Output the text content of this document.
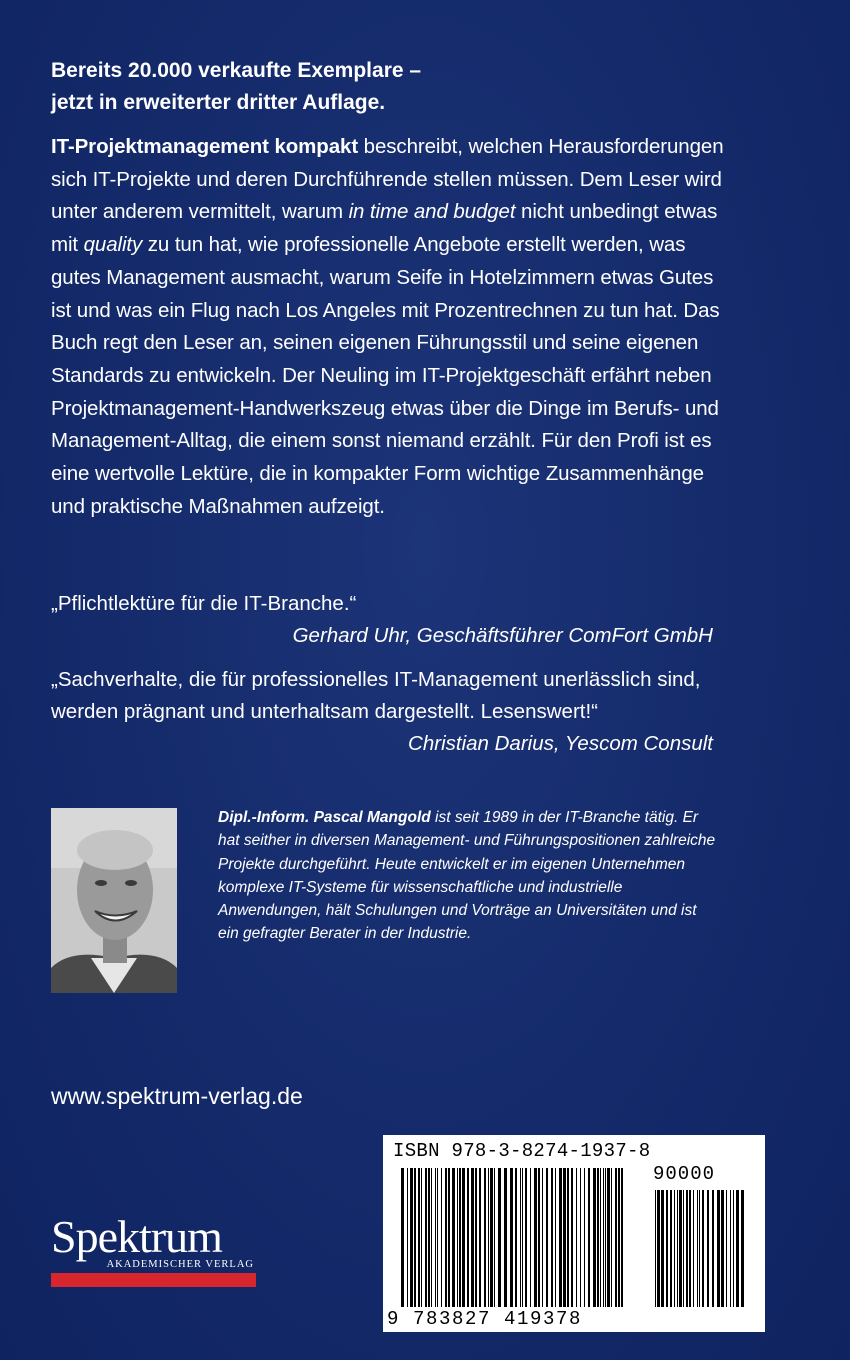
Bereits 20.000 verkaufte Exemplare –
jetzt in erweiterter dritter Auflage.
IT-Projektmanagement kompakt beschreibt, welchen Herausforderungen sich IT-Projekte und deren Durchführende stellen müssen. Dem Leser wird unter anderem vermittelt, warum in time and budget nicht unbedingt etwas mit quality zu tun hat, wie professionelle Angebote erstellt werden, was gutes Management ausmacht, warum Seife in Hotelzimmern etwas Gutes ist und was ein Flug nach Los Angeles mit Prozentrechnen zu tun hat. Das Buch regt den Leser an, seinen eigenen Führungsstil und seine eigenen Standards zu entwickeln. Der Neuling im IT-Projektgeschäft erfährt neben Projektmanagement-Handwerkszeug etwas über die Dinge im Berufs- und Management-Alltag, die einem sonst niemand erzählt. Für den Profi ist es eine wertvolle Lektüre, die in kompakter Form wichtige Zusammenhänge und praktische Maßnahmen aufzeigt.
„Pflichtlektüre für die IT-Branche.“
Gerhard Uhr, Geschäftsführer ComFort GmbH
„Sachverhalte, die für professionelles IT-Management unerlässlich sind, werden prägnant und unterhaltsam dargestellt. Lesenswert!“
Christian Darius, Yescom Consult
Dipl.-Inform. Pascal Mangold ist seit 1989 in der IT-Branche tätig. Er hat seither in diversen Management- und Führungspositionen zahlreiche Projekte durchgeführt. Heute entwickelt er im eigenen Unternehmen komplexe IT-Systeme für wissenschaftliche und industrielle Anwendungen, hält Schulungen und Vorträge an Universitäten und ist ein gefragter Berater in der Industrie.
www.spektrum-verlag.de
ISBN 978-3-8274-1937-8
90000
9 783827 419378
Spektrum
AKADEMISCHER VERLAG
